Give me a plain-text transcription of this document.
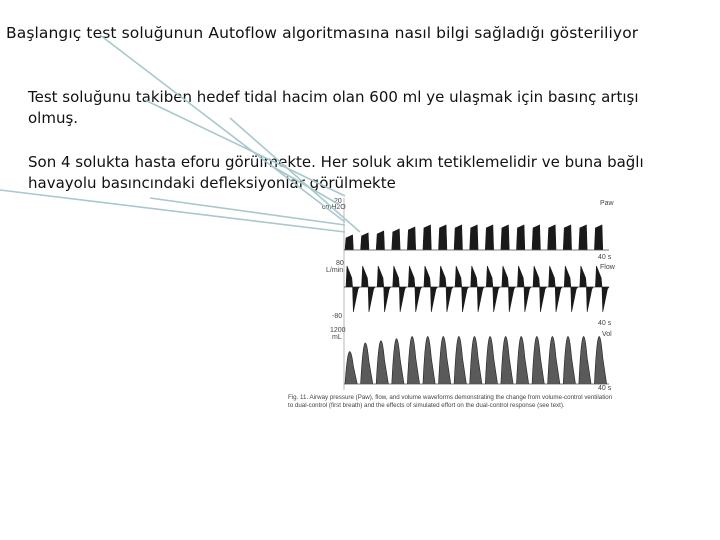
Başlangıç test soluğunun Autoflow algoritmasına nasıl bilgi sağladığı gösteriliyor
Test soluğunu takiben hedef tidal hacim olan 600 ml ye ulaşmak için basınç artışı olmuş.
Son 4 solukta hasta eforu görülmekte. Her soluk akım tetiklemelidir ve buna bağlı havayolu basıncındaki defleksiyonlar görülmekte
20
cmH2O
Paw
40 s
80
L/min	Flow
-80
40 s
1200
mL	Vol
40 s
Fig. 11. Airway pressure (Paw), flow, and volume waveforms demonstrating the change from volume-control ventilation to dual-control (first breath) and the effects of simulated effort on the dual-control response (see text).
